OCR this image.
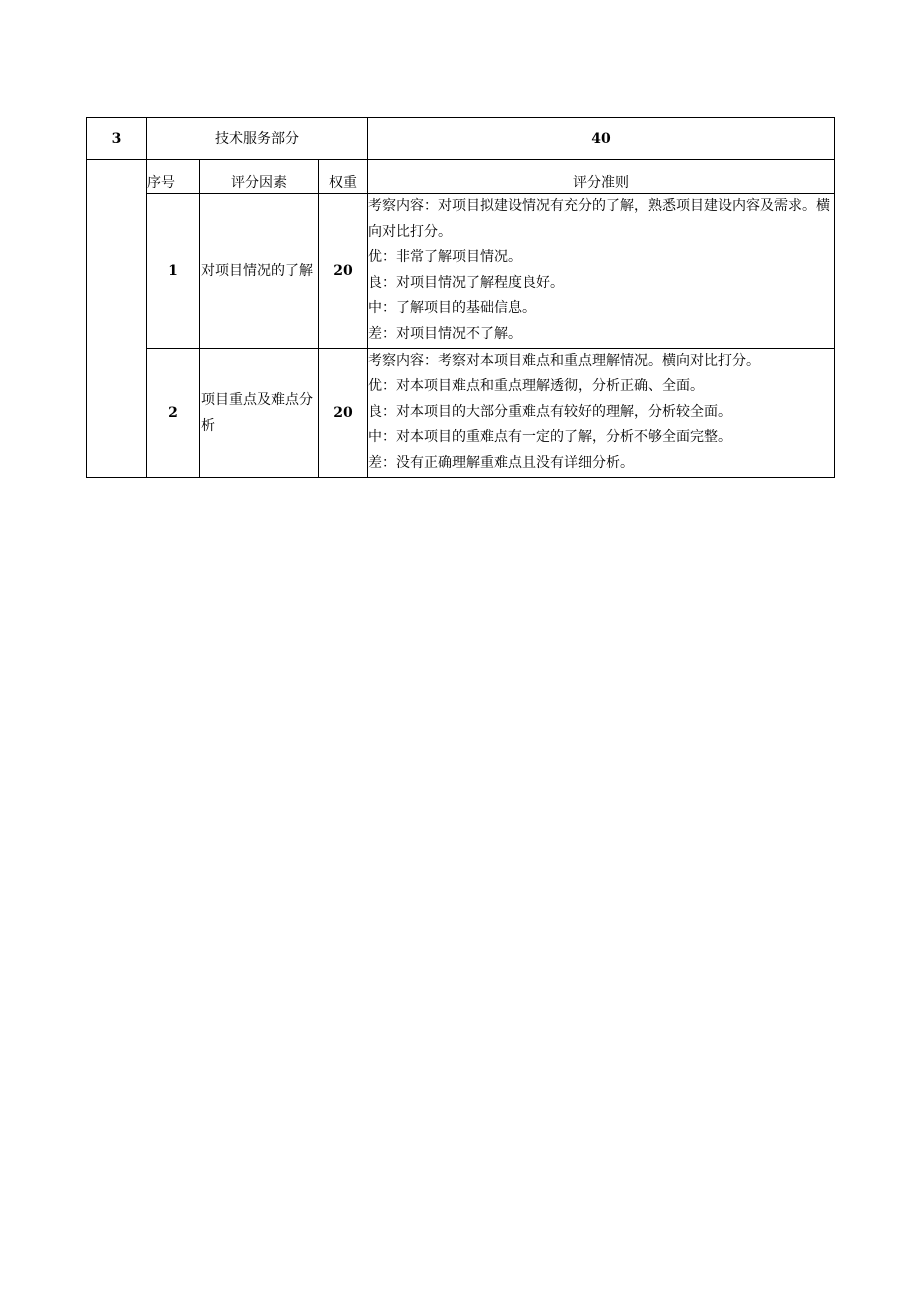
3	技术服务部分			40
	序号	评分因素	权重	评分准则
	1	对项目情况的了解	20	考察内容：对项目拟建设情况有充分的了解，熟悉项目建设内容及需求。横向对比打分。
优：非常了解项目情况。
良：对项目情况了解程度良好。
中：了解项目的基础信息。
差：对项目情况不了解。

	2	项目重点及难点分析	20	考察内容：考察对本项目难点和重点理解情况。横向对比打分。
优：对本项目难点和重点理解透彻，分析正确、全面。
良：对本项目的大部分重难点有较好的理解，分析较全面。
中：对本项目的重难点有一定的了解，分析不够全面完整。
差：没有正确理解重难点且没有详细分析。
